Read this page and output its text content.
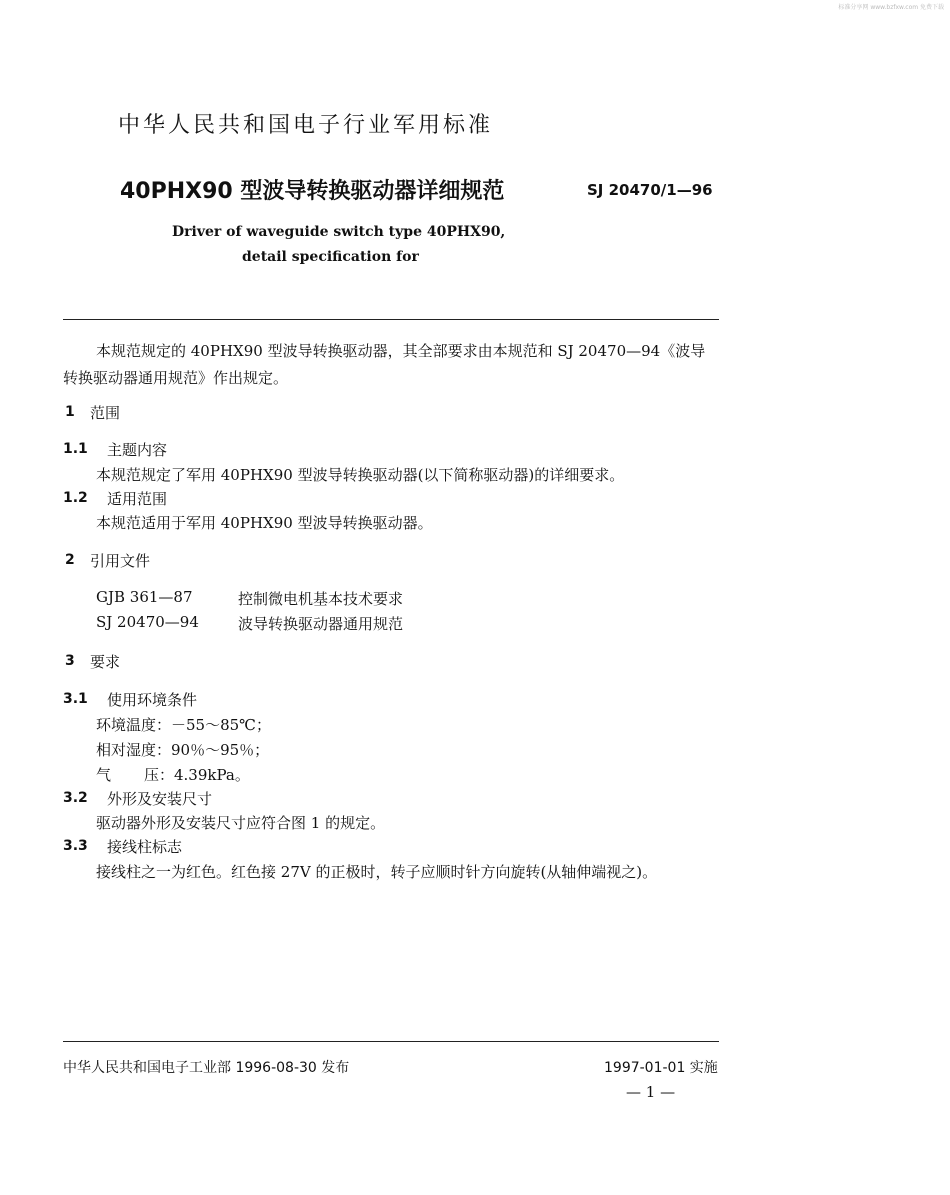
标准分享网 www.bzfxw.com 免费下载
中华人民共和国电子行业军用标准
40PHX90 型波导转换驱动器详细规范	SJ 20470/1—96
Driver of waveguide switch type 40PHX90,
detail specification for
本规范规定的 40PHX90 型波导转换驱动器，其全部要求由本规范和 SJ 20470—94《波导
转换驱动器通用规范》作出规定。
1 范围
1.1 主题内容
本规范规定了军用 40PHX90 型波导转换驱动器(以下简称驱动器)的详细要求。
1.2 适用范围
本规范适用于军用 40PHX90 型波导转换驱动器。
2 引用文件
GJB 361—87	控制微电机基本技术要求
SJ 20470—94	波导转换驱动器通用规范
3 要求
3.1 使用环境条件
环境温度：－55～85℃；
相对湿度：90％～95％；
气 压：4.39kPa。
3.2 外形及安装尺寸
驱动器外形及安装尺寸应符合图 1 的规定。
3.3 接线柱标志
接线柱之一为红色。红色接 27V 的正极时，转子应顺时针方向旋转(从轴伸端视之)。
中华人民共和国电子工业部 1996-08-30 发布	1997-01-01 实施
— 1 —
